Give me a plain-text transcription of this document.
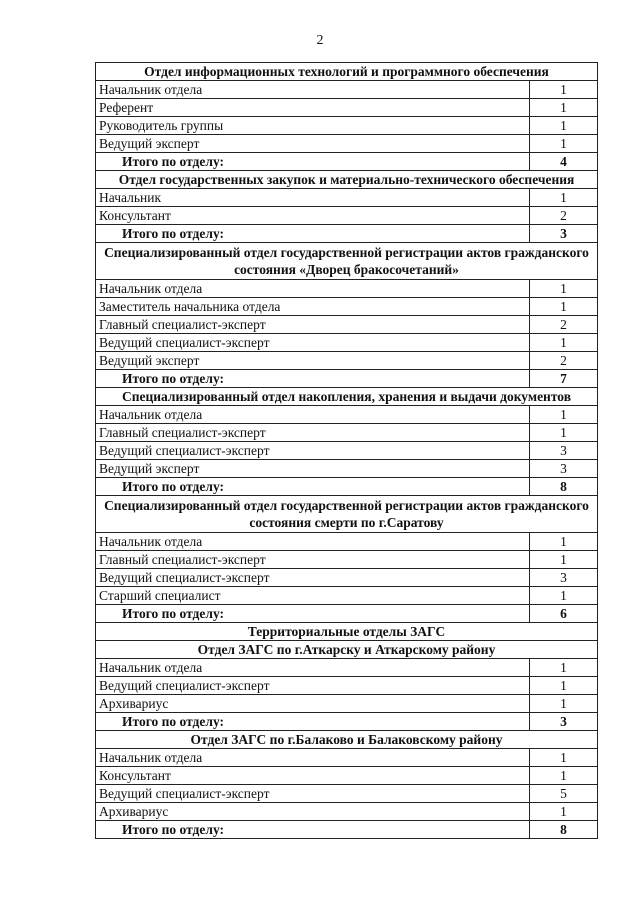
2
Отдел информационных технологий и программного обеспечения	
Начальник отдела	1
Референт	1
Руководитель группы	1
Ведущий эксперт	1
Итого по отделу:	4
Отдел государственных закупок и материально-технического обеспечения	
Начальник	1
Консультант	2
Итого по отделу:	3
Специализированный отдел государственной регистрации актов гражданского состояния «Дворец бракосочетаний»	
Начальник отдела	1
Заместитель начальника отдела	1
Главный специалист-эксперт	2
Ведущий специалист-эксперт	1
Ведущий эксперт	2
Итого по отделу:	7
Специализированный отдел накопления, хранения и выдачи документов	
Начальник отдела	1
Главный специалист-эксперт	1
Ведущий специалист-эксперт	3
Ведущий эксперт	3
Итого по отделу:	8
Специализированный отдел государственной регистрации актов гражданского состояния смерти по г.Саратову	
Начальник отдела	1
Главный специалист-эксперт	1
Ведущий специалист-эксперт	3
Старший специалист	1
Итого по отделу:	6
Территориальные отделы ЗАГС	
Отдел ЗАГС по г.Аткарску и Аткарскому району	
Начальник отдела	1
Ведущий специалист-эксперт	1
Архивариус	1
Итого по отделу:	3
Отдел ЗАГС по г.Балаково и Балаковскому району	
Начальник отдела	1
Консультант	1
Ведущий специалист-эксперт	5
Архивариус	1
Итого по отделу:	8
